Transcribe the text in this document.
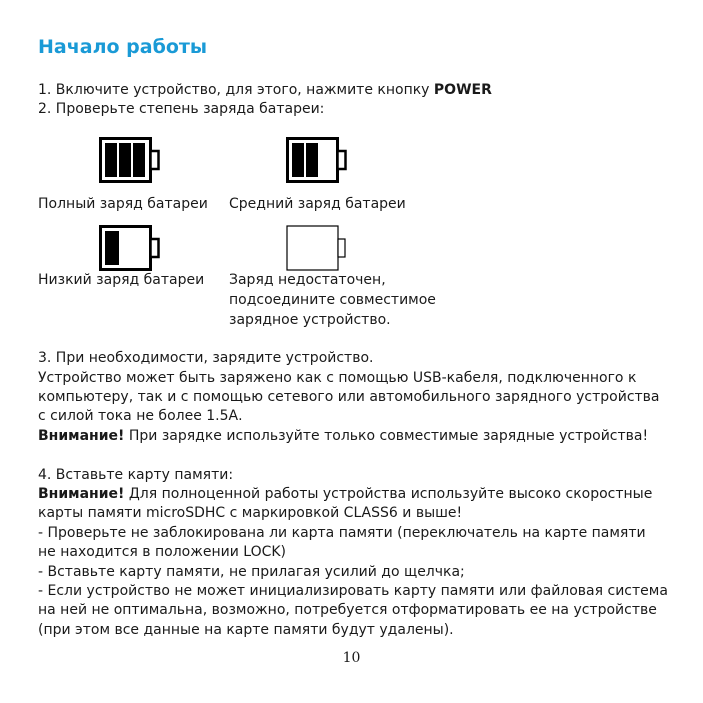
Начало работы
1. Включите устройство, для этого, нажмите кнопку POWER
2. Проверьте степень заряда батареи:
Полный заряд батареи Средний заряд батареи
Низкий заряд батареи Заряд недостаточен,
подсоедините совместимое
зарядное устройство.
3. При необходимости, зарядите устройство.
Устройство может быть заряжено как с помощью USB-кабеля, подключенного к
компьютеру, так и с помощью сетевого или автомобильного зарядного устройства
с силой тока не более 1.5А.
Внимание! При зарядке используйте только совместимые зарядные устройства!
4. Вставьте карту памяти:
Внимание! Для полноценной работы устройства используйте высоко скоростные
карты памяти microSDHC с маркировкой CLASS6 и выше!
- Проверьте не заблокирована ли карта памяти (переключатель на карте памяти
не находится в положении LOCK)
- Вставьте карту памяти, не прилагая усилий до щелчка;
- Если устройство не может инициализировать карту памяти или файловая система
на ней не оптимальна, возможно, потребуется отформатировать ее на устройстве
(при этом все данные на карте памяти будут удалены).
10
